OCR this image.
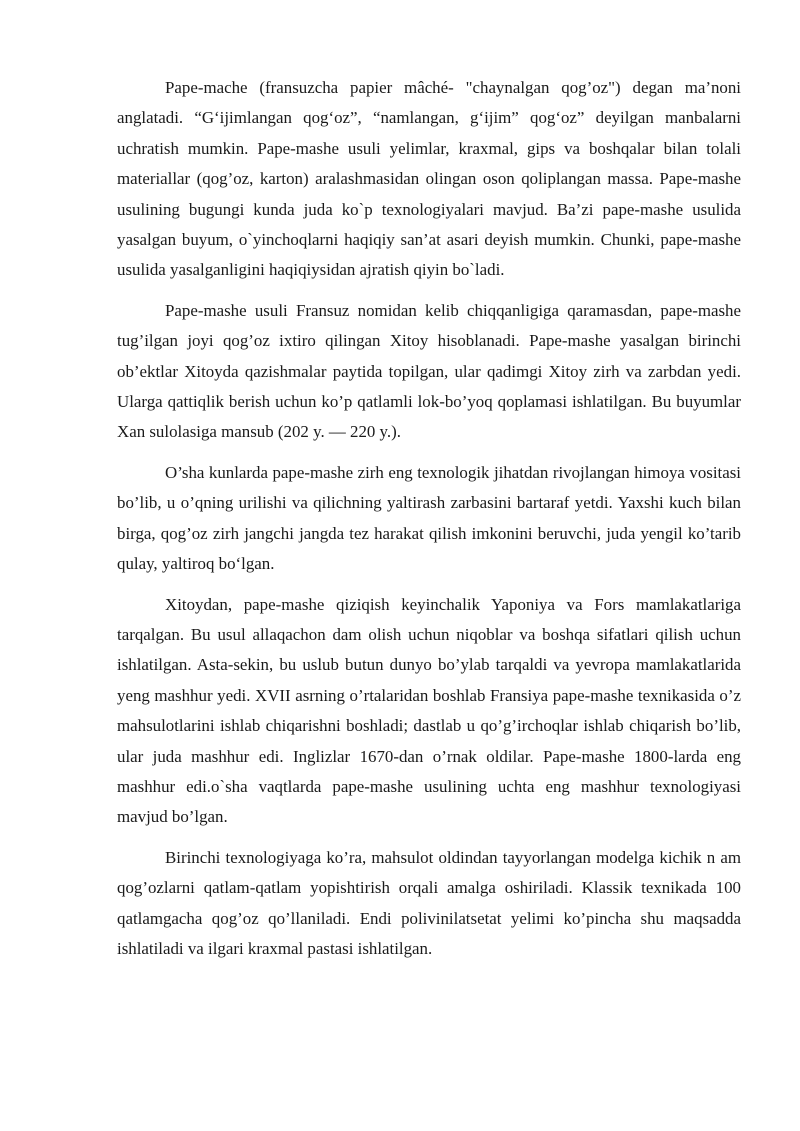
Pape-mache (fransuzcha papier mâché- "chaynalgan qog’oz") degan ma’noni anglatadi. “G‘ijimlangan qog‘oz”, “namlangan, g‘ijim” qog‘oz” deyilgan manbalarni uchratish mumkin. Pape-mashe usuli yelimlar, kraxmal, gips va boshqalar bilan tolali materiallar (qog’oz, karton) aralashmasidan olingan oson qoliplangan massa. Pape-mashe usulining bugungi kunda juda ko`p texnologiyalari mavjud. Ba’zi pape-mashe usulida yasalgan buyum, o`yinchoqlarni haqiqiy san’at asari deyish mumkin. Chunki, pape-mashe usulida yasalganligini haqiqiysidan ajratish qiyin bo`ladi.

Pape-mashe usuli Fransuz nomidan kelib chiqqanligiga qaramasdan, pape-mashe tug’ilgan joyi qog’oz ixtiro qilingan Xitoy hisoblanadi. Pape-mashe yasalgan birinchi ob’ektlar Xitoyda qazishmalar paytida topilgan, ular qadimgi Xitoy zirh va zarbdan yedi. Ularga qattiqlik berish uchun ko’p qatlamli lok-bo’yoq qoplamasi ishlatilgan. Bu buyumlar Xan sulolasiga mansub (202 y. — 220 y.).

O’sha kunlarda pape-mashe zirh eng texnologik jihatdan rivojlangan himoya vositasi bo’lib, u o’qning urilishi va qilichning yaltirash zarbasini bartaraf yetdi. Yaxshi kuch bilan birga, qog’oz zirh jangchi jangda tez harakat qilish imkonini beruvchi, juda yengil ko’tarib qulay, yaltiroq bo‘lgan.

Xitoydan, pape-mashe qiziqish keyinchalik Yaponiya va Fors mamlakatlariga tarqalgan. Bu usul allaqachon dam olish uchun niqoblar va boshqa sifatlari qilish uchun ishlatilgan. Asta-sekin, bu uslub butun dunyo bo’ylab tarqaldi va yevropa mamlakatlarida yeng mashhur yedi. XVII asrning o’rtalaridan boshlab Fransiya pape-mashe texnikasida o’z mahsulotlarini ishlab chiqarishni boshladi; dastlab u qo’g’irchoqlar ishlab chiqarish bo’lib, ular juda mashhur edi. Inglizlar 1670-dan o’rnak oldilar. Pape-mashe 1800-larda eng mashhur edi.o`sha vaqtlarda pape-mashe usulining uchta eng mashhur texnologiyasi mavjud bo’lgan.

Birinchi texnologiyaga ko’ra, mahsulot oldindan tayyorlangan modelga kichik n am qog’ozlarni qatlam-qatlam yopishtirish orqali amalga oshiriladi. Klassik texnikada 100 qatlamgacha qog’oz qo’llaniladi. Endi polivinilatsetat yelimi ko’pincha shu maqsadda ishlatiladi va ilgari kraxmal pastasi ishlatilgan.
